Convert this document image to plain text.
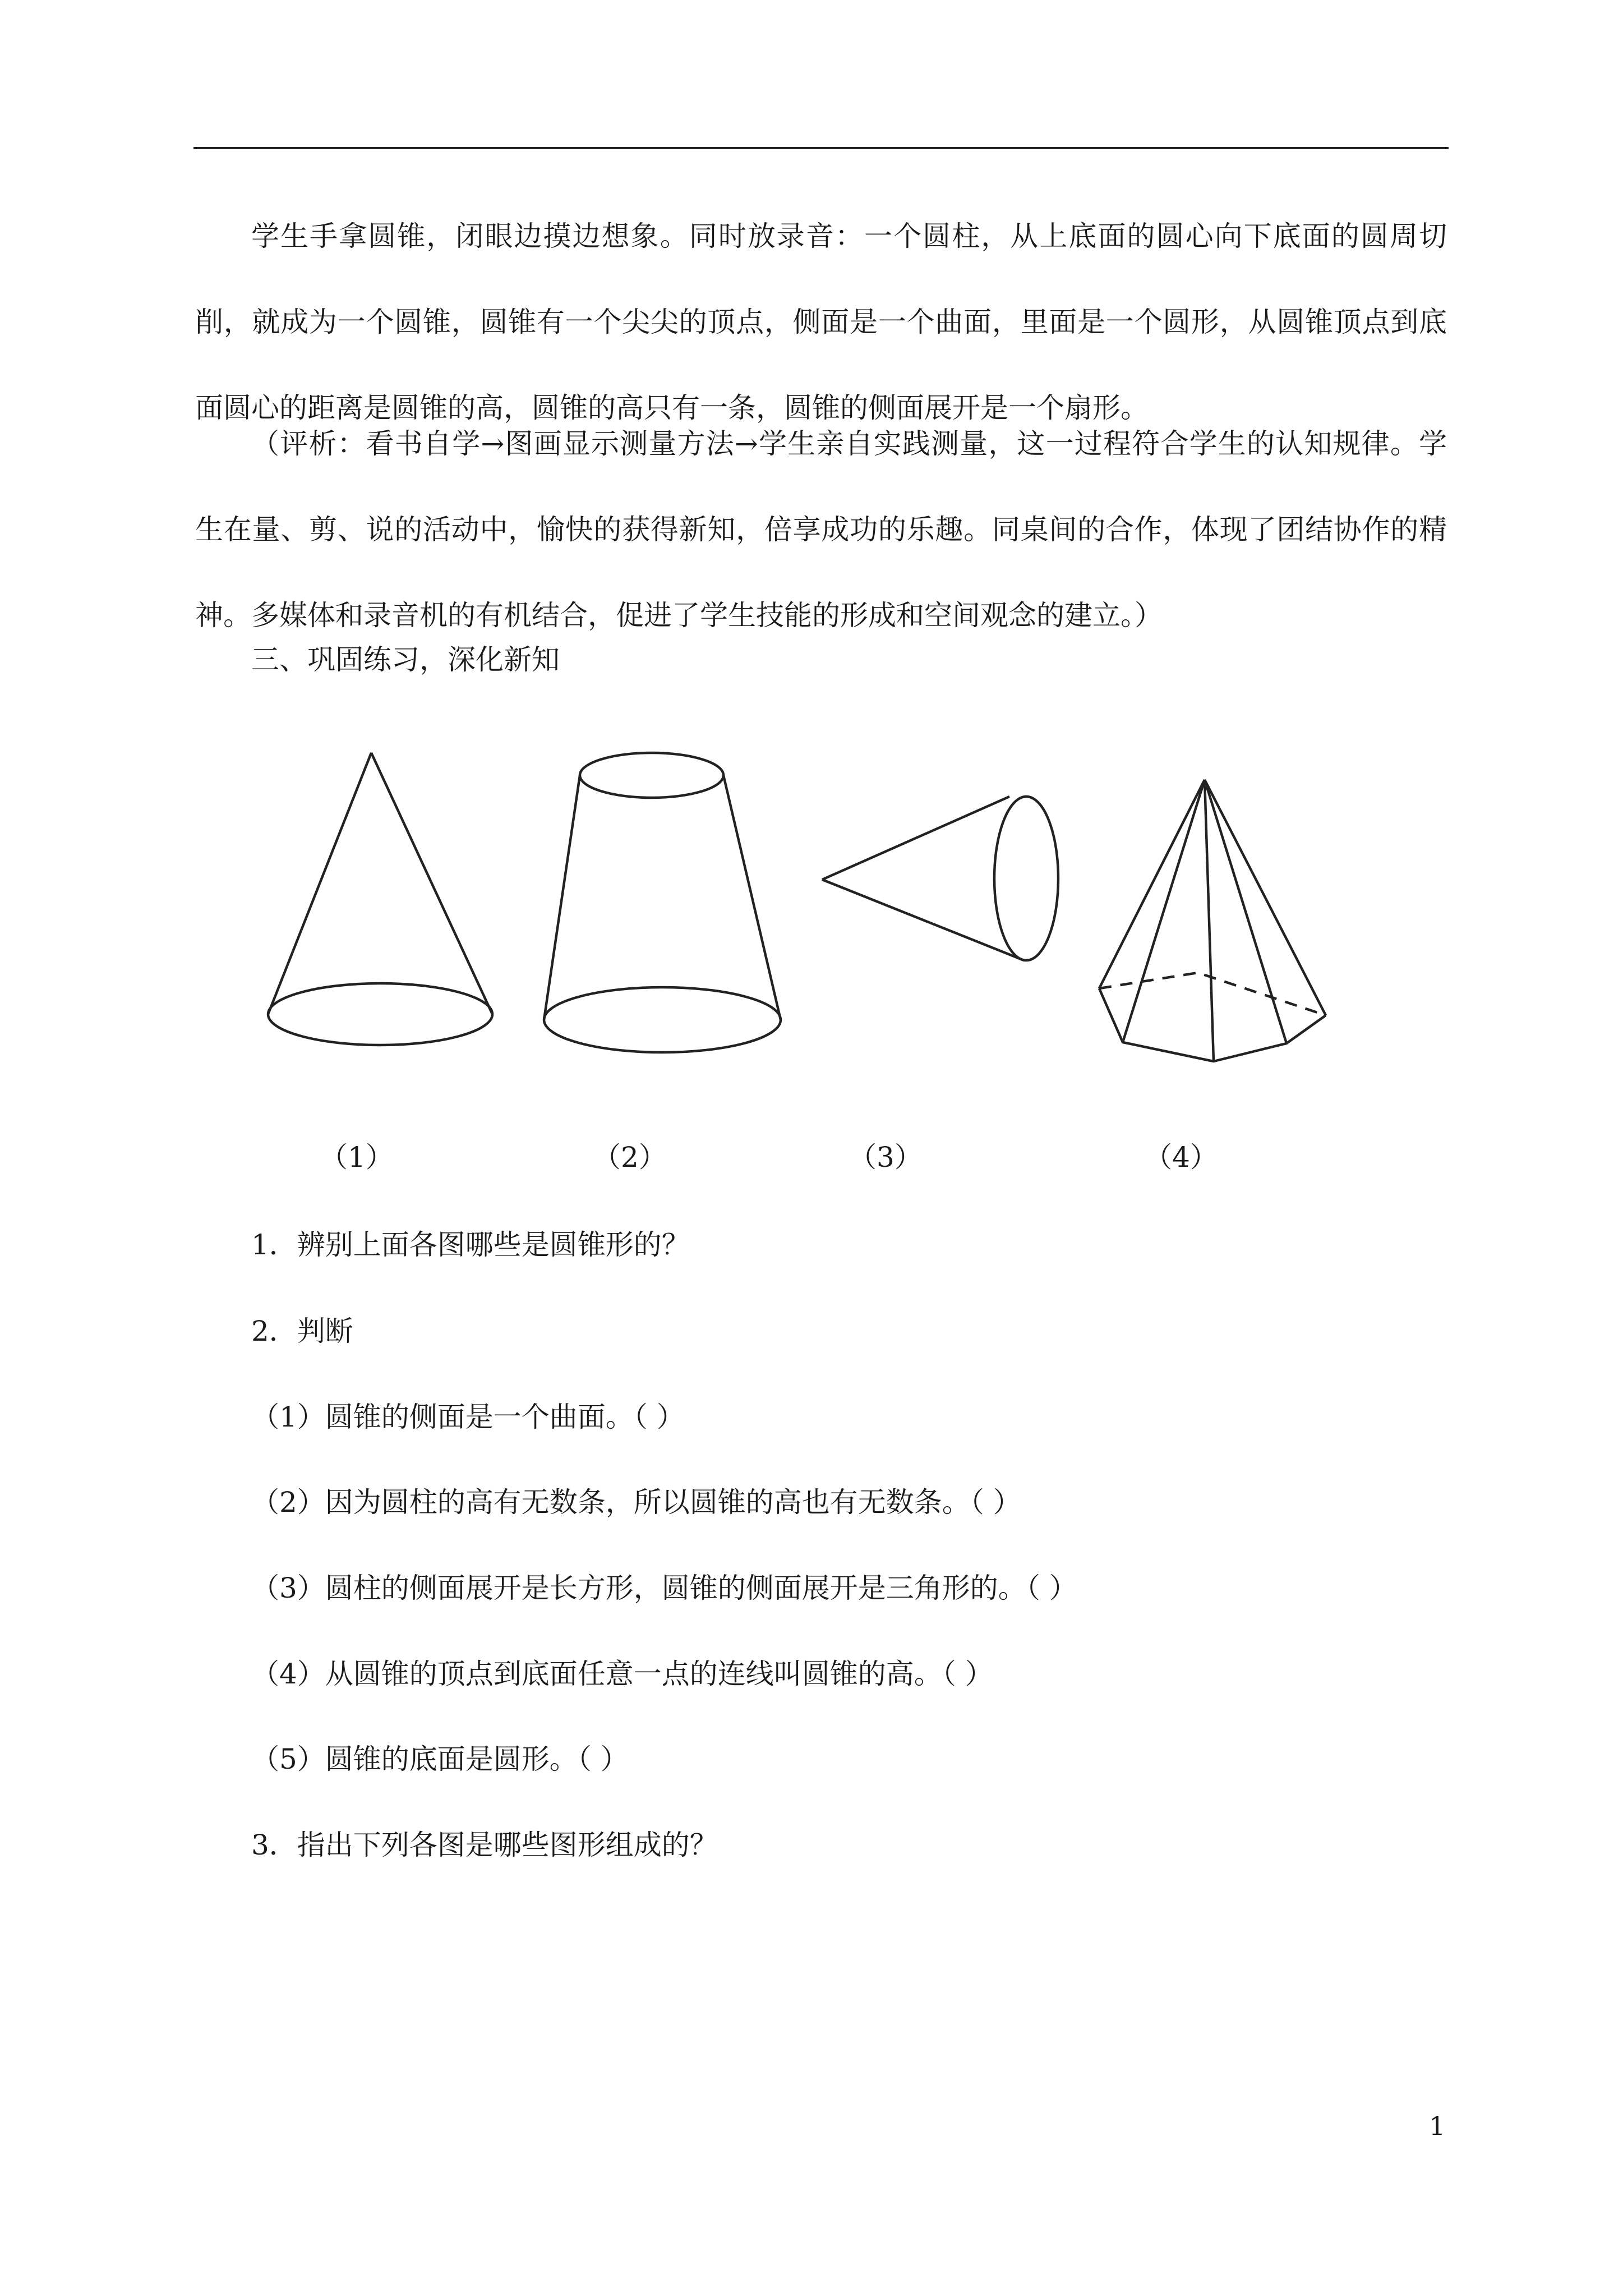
学生手拿圆锥，闭眼边摸边想象。同时放录音：一个圆柱，从上底面的圆心向下底面的圆周切削，就成为一个圆锥，圆锥有一个尖尖的顶点，侧面是一个曲面，里面是一个圆形，从圆锥顶点到底面圆心的距离是圆锥的高，圆锥的高只有一条，圆锥的侧面展开是一个扇形。

（评析：看书自学→图画显示测量方法→学生亲自实践测量，这一过程符合学生的认知规律。学生在量、剪、说的活动中，愉快的获得新知，倍享成功的乐趣。同桌间的合作，体现了团结协作的精神。多媒体和录音机的有机结合，促进了学生技能的形成和空间观念的建立。）

三、巩固练习，深化新知

（1）	（2）	（3）	（4）

1．辨别上面各图哪些是圆锥形的？

2．判断

（1）圆锥的侧面是一个曲面。（ ）

（2）因为圆柱的高有无数条，所以圆锥的高也有无数条。（ ）

（3）圆柱的侧面展开是长方形，圆锥的侧面展开是三角形的。（ ）

（4）从圆锥的顶点到底面任意一点的连线叫圆锥的高。（ ）

（5）圆锥的底面是圆形。（ ）

3．指出下列各图是哪些图形组成的？

1
